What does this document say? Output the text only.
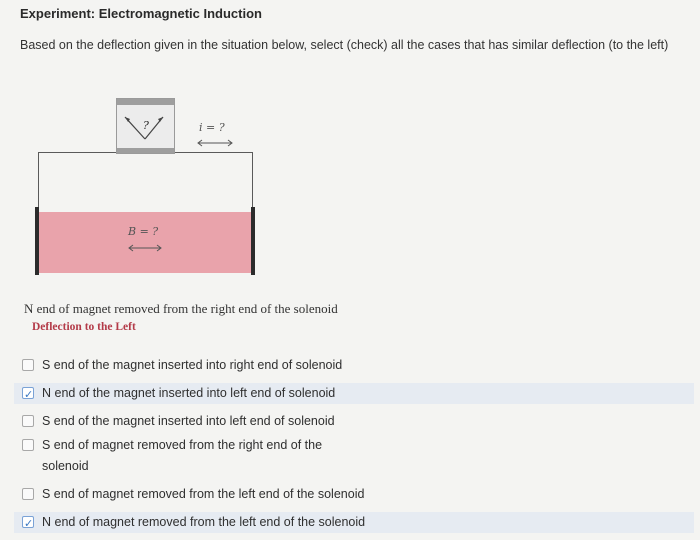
Experiment: Electromagnetic Induction
Based on the deflection given in the situation below, select (check) all the cases that has similar deflection (to the left)
?	i = ?
B = ?
N end of magnet removed from the right end of the solenoid Deflection to the Left
S end of the magnet inserted into right end of solenoid
✓ N end of the magnet inserted into left end of solenoid
S end of the magnet inserted into left end of solenoid
S end of magnet removed from the right end of the solenoid
S end of magnet removed from the left end of the solenoid
✓ N end of magnet removed from the left end of the solenoid
